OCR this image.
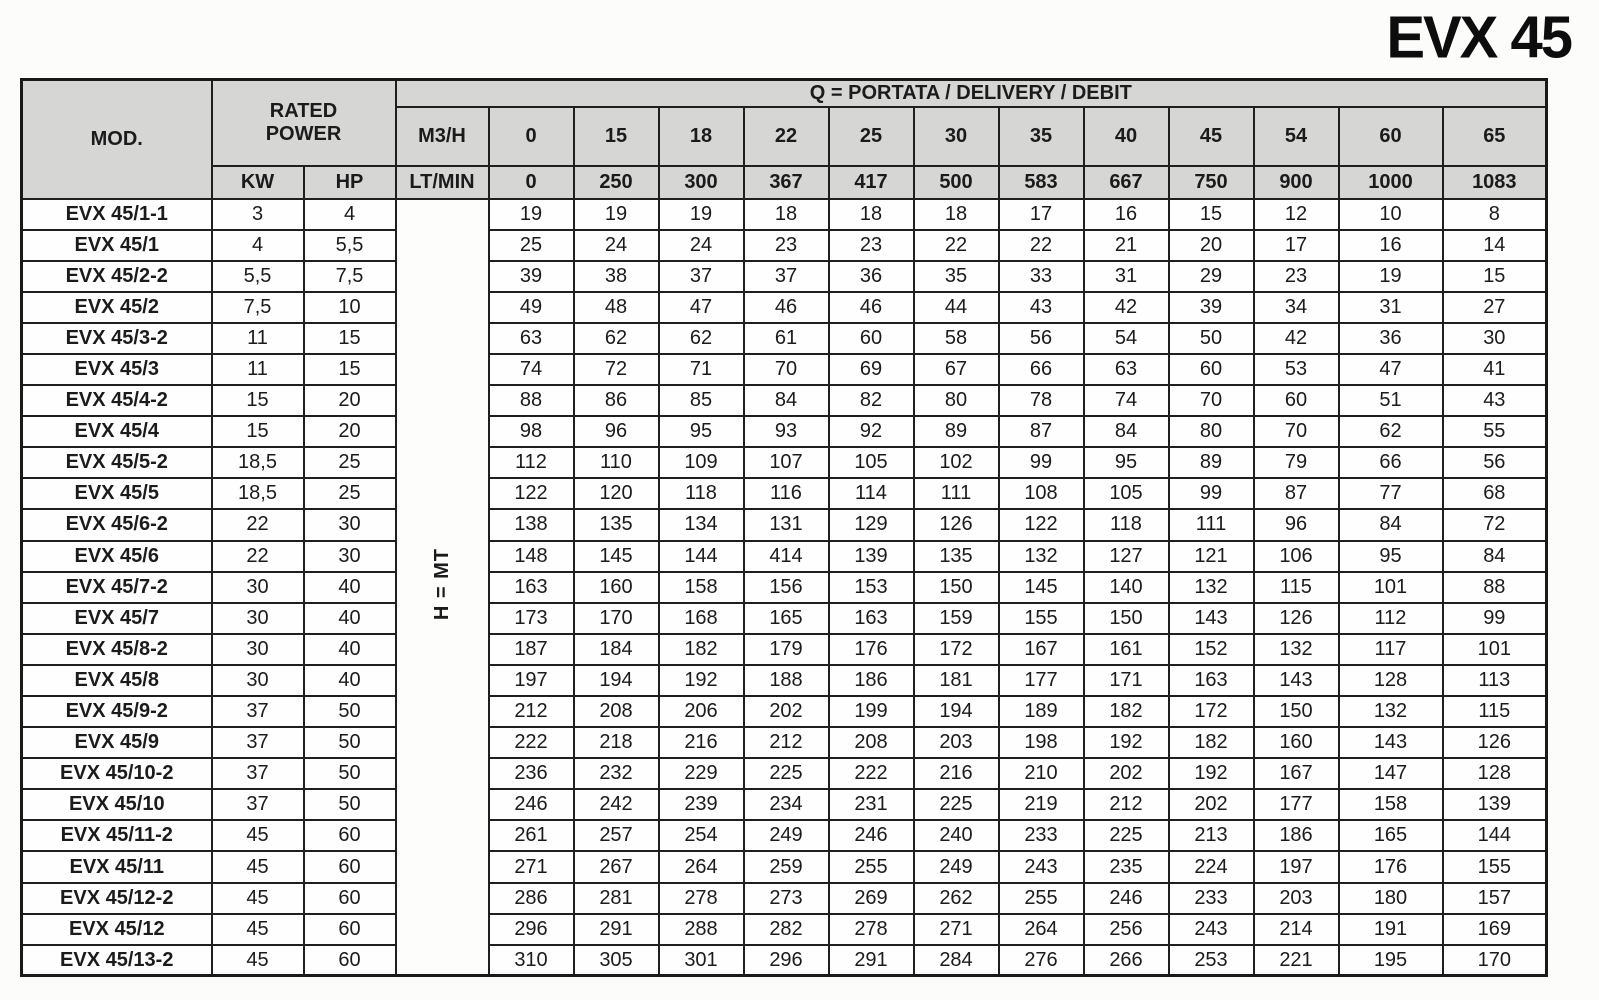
EVX 45
MOD.	RATED POWER		Q = PORTATA / DELIVERY / DEBIT												
			M3/H	0	15	18	22	25	30	35	40	45	54	60	65
	KW	HP	LT/MIN	0	250	300	367	417	500	583	667	750	900	1000	1083
EVX 45/1-1	3	4	H = MT	19	19	19	18	18	18	17	16	15	12	10	8
EVX 45/1	4	5,5		25	24	24	23	23	22	22	21	20	17	16	14
EVX 45/2-2	5,5	7,5		39	38	37	37	36	35	33	31	29	23	19	15
EVX 45/2	7,5	10		49	48	47	46	46	44	43	42	39	34	31	27
EVX 45/3-2	11	15		63	62	62	61	60	58	56	54	50	42	36	30
EVX 45/3	11	15		74	72	71	70	69	67	66	63	60	53	47	41
EVX 45/4-2	15	20		88	86	85	84	82	80	78	74	70	60	51	43
EVX 45/4	15	20		98	96	95	93	92	89	87	84	80	70	62	55
EVX 45/5-2	18,5	25		112	110	109	107	105	102	99	95	89	79	66	56
EVX 45/5	18,5	25		122	120	118	116	114	111	108	105	99	87	77	68
EVX 45/6-2	22	30		138	135	134	131	129	126	122	118	111	96	84	72
EVX 45/6	22	30		148	145	144	414	139	135	132	127	121	106	95	84
EVX 45/7-2	30	40		163	160	158	156	153	150	145	140	132	115	101	88
EVX 45/7	30	40		173	170	168	165	163	159	155	150	143	126	112	99
EVX 45/8-2	30	40		187	184	182	179	176	172	167	161	152	132	117	101
EVX 45/8	30	40		197	194	192	188	186	181	177	171	163	143	128	113
EVX 45/9-2	37	50		212	208	206	202	199	194	189	182	172	150	132	115
EVX 45/9	37	50		222	218	216	212	208	203	198	192	182	160	143	126
EVX 45/10-2	37	50		236	232	229	225	222	216	210	202	192	167	147	128
EVX 45/10	37	50		246	242	239	234	231	225	219	212	202	177	158	139
EVX 45/11-2	45	60		261	257	254	249	246	240	233	225	213	186	165	144
EVX 45/11	45	60		271	267	264	259	255	249	243	235	224	197	176	155
EVX 45/12-2	45	60		286	281	278	273	269	262	255	246	233	203	180	157
EVX 45/12	45	60		296	291	288	282	278	271	264	256	243	214	191	169
EVX 45/13-2	45	60		310	305	301	296	291	284	276	266	253	221	195	170
